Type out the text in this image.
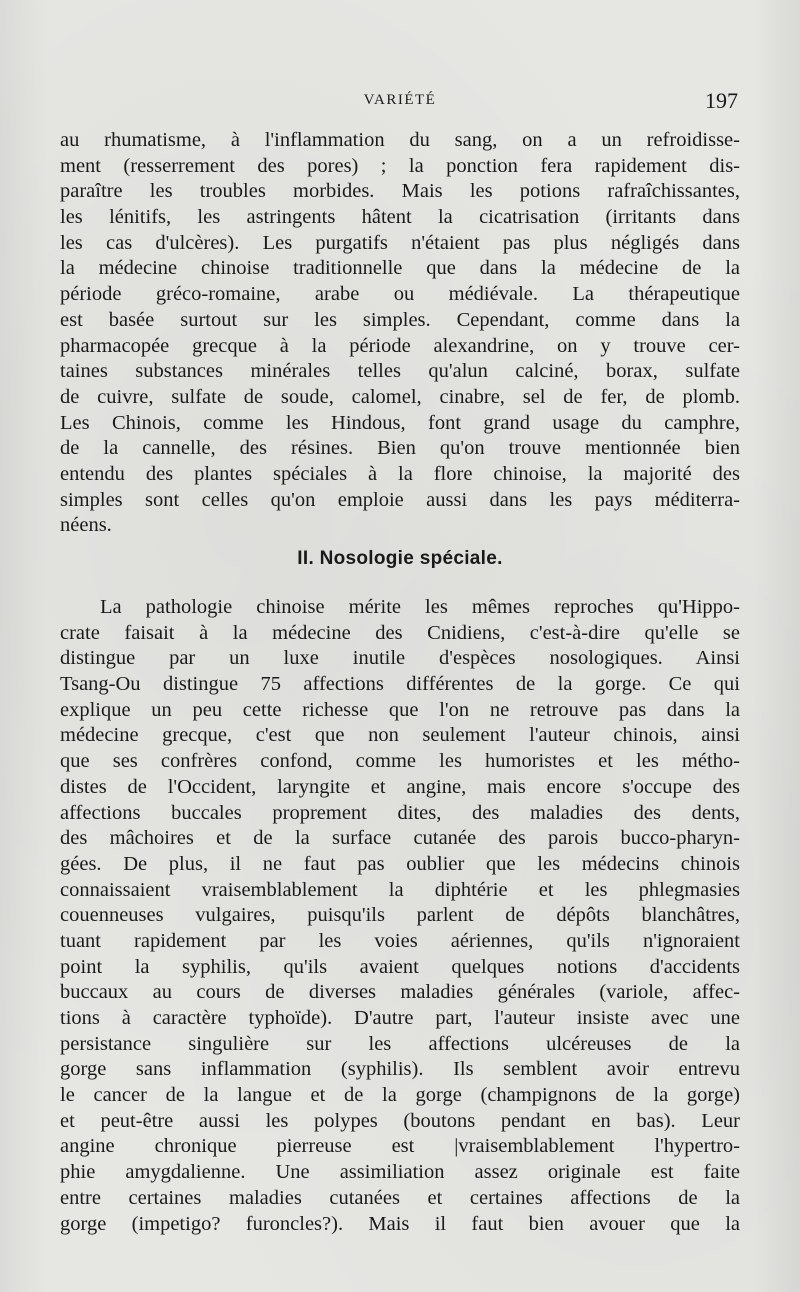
VARIÉTÉ	197
au rhumatisme, à l'inflammation du sang, on a un refroidisse-
ment (resserrement des pores) ; la ponction fera rapidement dis-
paraître les troubles morbides. Mais les potions rafraîchissantes,
les lénitifs, les astringents hâtent la cicatrisation (irritants dans
les cas d'ulcères). Les purgatifs n'étaient pas plus négligés dans
la médecine chinoise traditionnelle que dans la médecine de la
période gréco-romaine, arabe ou médiévale. La thérapeutique
est basée surtout sur les simples. Cependant, comme dans la
pharmacopée grecque à la période alexandrine, on y trouve cer-
taines substances minérales telles qu'alun calciné, borax, sulfate
de cuivre, sulfate de soude, calomel, cinabre, sel de fer, de plomb.
Les Chinois, comme les Hindous, font grand usage du camphre,
de la cannelle, des résines. Bien qu'on trouve mentionnée bien
entendu des plantes spéciales à la flore chinoise, la majorité des
simples sont celles qu'on emploie aussi dans les pays méditerra-
néens.
II. Nosologie spéciale.
La pathologie chinoise mérite les mêmes reproches qu'Hippo-
crate faisait à la médecine des Cnidiens, c'est-à-dire qu'elle se
distingue par un luxe inutile d'espèces nosologiques. Ainsi
Tsang-Ou distingue 75 affections différentes de la gorge. Ce qui
explique un peu cette richesse que l'on ne retrouve pas dans la
médecine grecque, c'est que non seulement l'auteur chinois, ainsi
que ses confrères confond, comme les humoristes et les métho-
distes de l'Occident, laryngite et angine, mais encore s'occupe des
affections buccales proprement dites, des maladies des dents,
des mâchoires et de la surface cutanée des parois bucco-pharyn-
gées. De plus, il ne faut pas oublier que les médecins chinois
connaissaient vraisemblablement la diphtérie et les phlegmasies
couenneuses vulgaires, puisqu'ils parlent de dépôts blanchâtres,
tuant rapidement par les voies aériennes, qu'ils n'ignoraient
point la syphilis, qu'ils avaient quelques notions d'accidents
buccaux au cours de diverses maladies générales (variole, affec-
tions à caractère typhoïde). D'autre part, l'auteur insiste avec une
persistance singulière sur les affections ulcéreuses de la
gorge sans inflammation (syphilis). Ils semblent avoir entrevu
le cancer de la langue et de la gorge (champignons de la gorge)
et peut-être aussi les polypes (boutons pendant en bas). Leur
angine chronique pierreuse est |vraisemblablement l'hypertro-
phie amygdalienne. Une assimiliation assez originale est faite
entre certaines maladies cutanées et certaines affections de la
gorge (impetigo? furoncles?). Mais il faut bien avouer que la
